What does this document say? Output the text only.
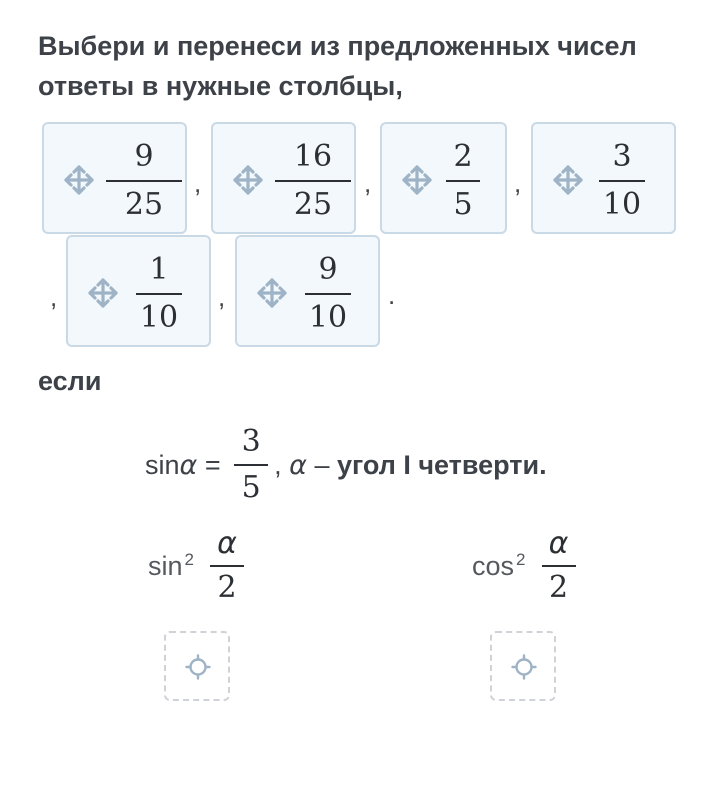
Выбери и перенеси из предложенных чисел ответы в нужные столбцы,
9
25
,
16
25
,
2
5
,
3
10
,
1
10
,
9
10
.
если
$\sin \alpha = \frac{3}{5}$ , α – угол I четверти.
$\sin^2 \frac{\alpha}{2}$	$\cos^2 \frac{\alpha}{2}$
